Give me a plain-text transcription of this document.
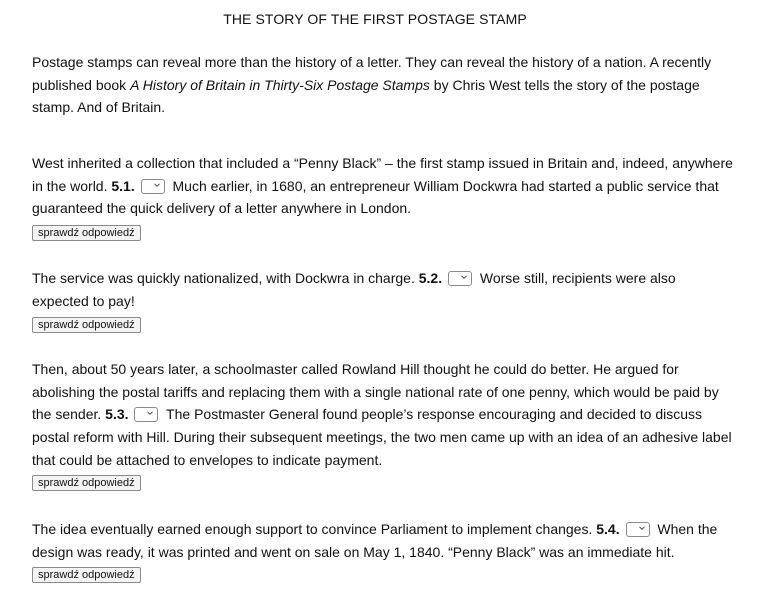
THE STORY OF THE FIRST POSTAGE STAMP

Postage stamps can reveal more than the history of a letter. They can reveal the history of a nation. A recently published book A History of Britain in Thirty-Six Postage Stamps by Chris West tells the story of the postage stamp. And of Britain.

West inherited a collection that included a “Penny Black” – the first stamp issued in Britain and, indeed, anywhere in the world. 5.1.
Much earlier, in 1680, an entrepreneur William Dockwra had started a public service that guaranteed the quick delivery of a letter anywhere in London.

sprawdź odpowiedź

The service was quickly nationalized, with Dockwra in charge. 5.2.
Worse still, recipients were also expected to pay!

sprawdź odpowiedź

Then, about 50 years later, a schoolmaster called Rowland Hill thought he could do better. He argued for abolishing the postal tariffs and replacing them with a single national rate of one penny, which would be paid by the sender. 5.3.
The Postmaster General found people’s response encouraging and decided to discuss postal reform with Hill. During their subsequent meetings, the two men came up with an idea of an adhesive label that could be attached to envelopes to indicate payment.

sprawdź odpowiedź

The idea eventually earned enough support to convince Parliament to implement changes. 5.4.
When the design was ready, it was printed and went on sale on May 1, 1840. “Penny Black” was an immediate hit.

sprawdź odpowiedź
